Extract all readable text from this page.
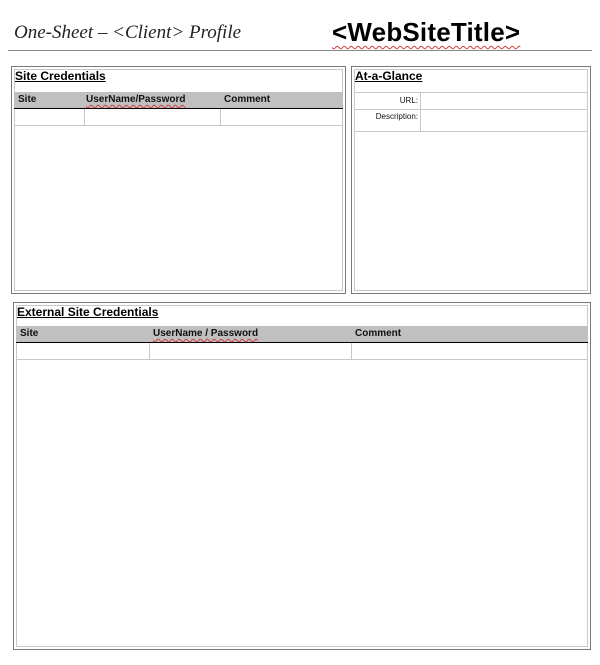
One-Sheet – <Client> Profile	<WebSiteTitle>
Site Credentials
Site	UserName/Password	Comment
At-a-Glance
URL:
Description:
External Site Credentials
Site	UserName / Password	Comment
